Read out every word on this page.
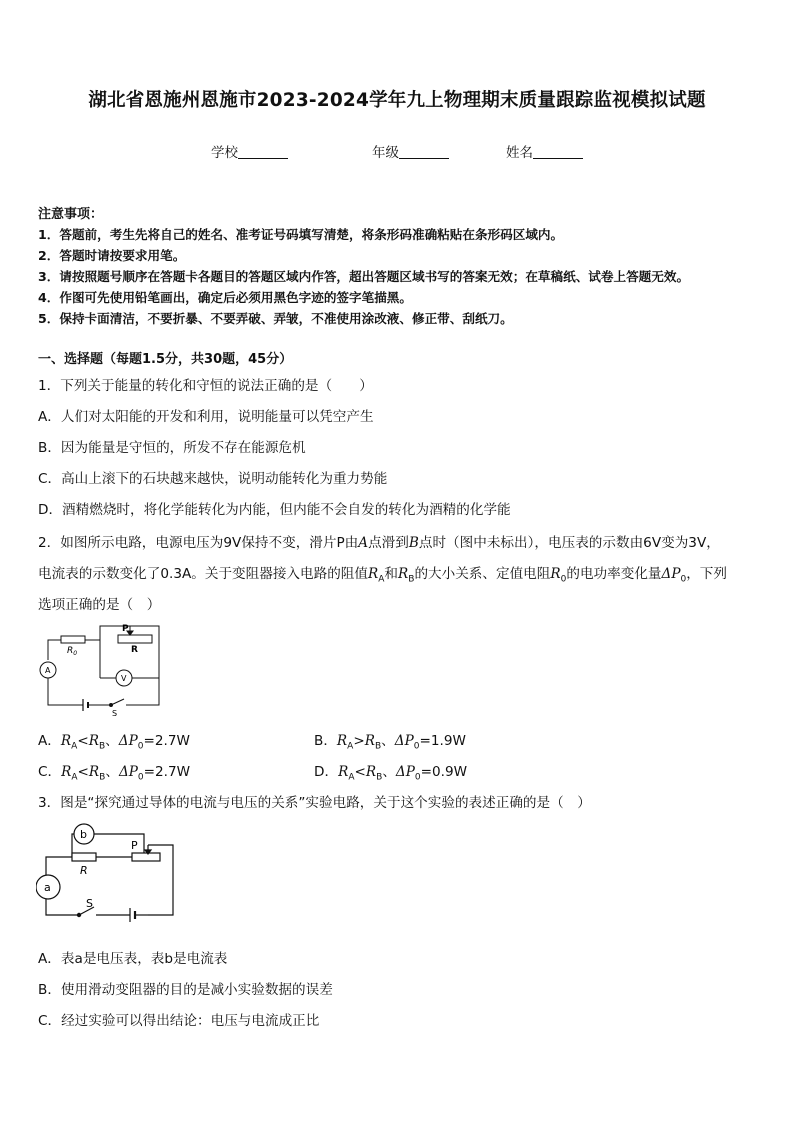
湖北省恩施州恩施市2023-2024学年九上物理期末质量跟踪监视模拟试题
学校	年级	姓名
注意事项：
1．答题前，考生先将自己的姓名、准考证号码填写清楚，将条形码准确粘贴在条形码区域内。
2．答题时请按要求用笔。
3．请按照题号顺序在答题卡各题目的答题区域内作答，超出答题区域书写的答案无效；在草稿纸、试卷上答题无效。
4．作图可先使用铅笔画出，确定后必须用黑色字迹的签字笔描黑。
5．保持卡面清洁，不要折暴、不要弄破、弄皱，不准使用涂改液、修正带、刮纸刀。
一、选择题（每题1.5分，共30题，45分）
1．下列关于能量的转化和守恒的说法正确的是（　　）
A．人们对太阳能的开发和利用，说明能量可以凭空产生
B．因为能量是守恒的，所发不存在能源危机
C．高山上滚下的石块越来越快，说明动能转化为重力势能
D．酒精燃烧时，将化学能转化为内能，但内能不会自发的转化为酒精的化学能
2．如图所示电路，电源电压为9V保持不变，滑片P由A点滑到B点时（图中未标出），电压表的示数由6V变为3V，
电流表的示数变化了0.3A。关于变阻器接入电路的阻值$R_A$和$R_B$的大小关系、定值电阻$R_0$的电功率变化量$\Delta P_0$，下列
选项正确的是（　）
P
R
$R_0$
A
V
S
A．$R_A<R_B$、$\Delta P_0=2.7W$	B．$R_A>R_B$、$\Delta P_0=1.9W$
C．$R_A<R_B$、$\Delta P_0=2.7W$	D．$R_A<R_B$、$\Delta P_0=0.9W$
3．图是“探究通过导体的电流与电压的关系”实验电路，关于这个实验的表述正确的是（　）
b
a
P
R
S
A．表a是电压表，表b是电流表
B．使用滑动变阻器的目的是减小实验数据的误差
C．经过实验可以得出结论：电压与电流成正比
